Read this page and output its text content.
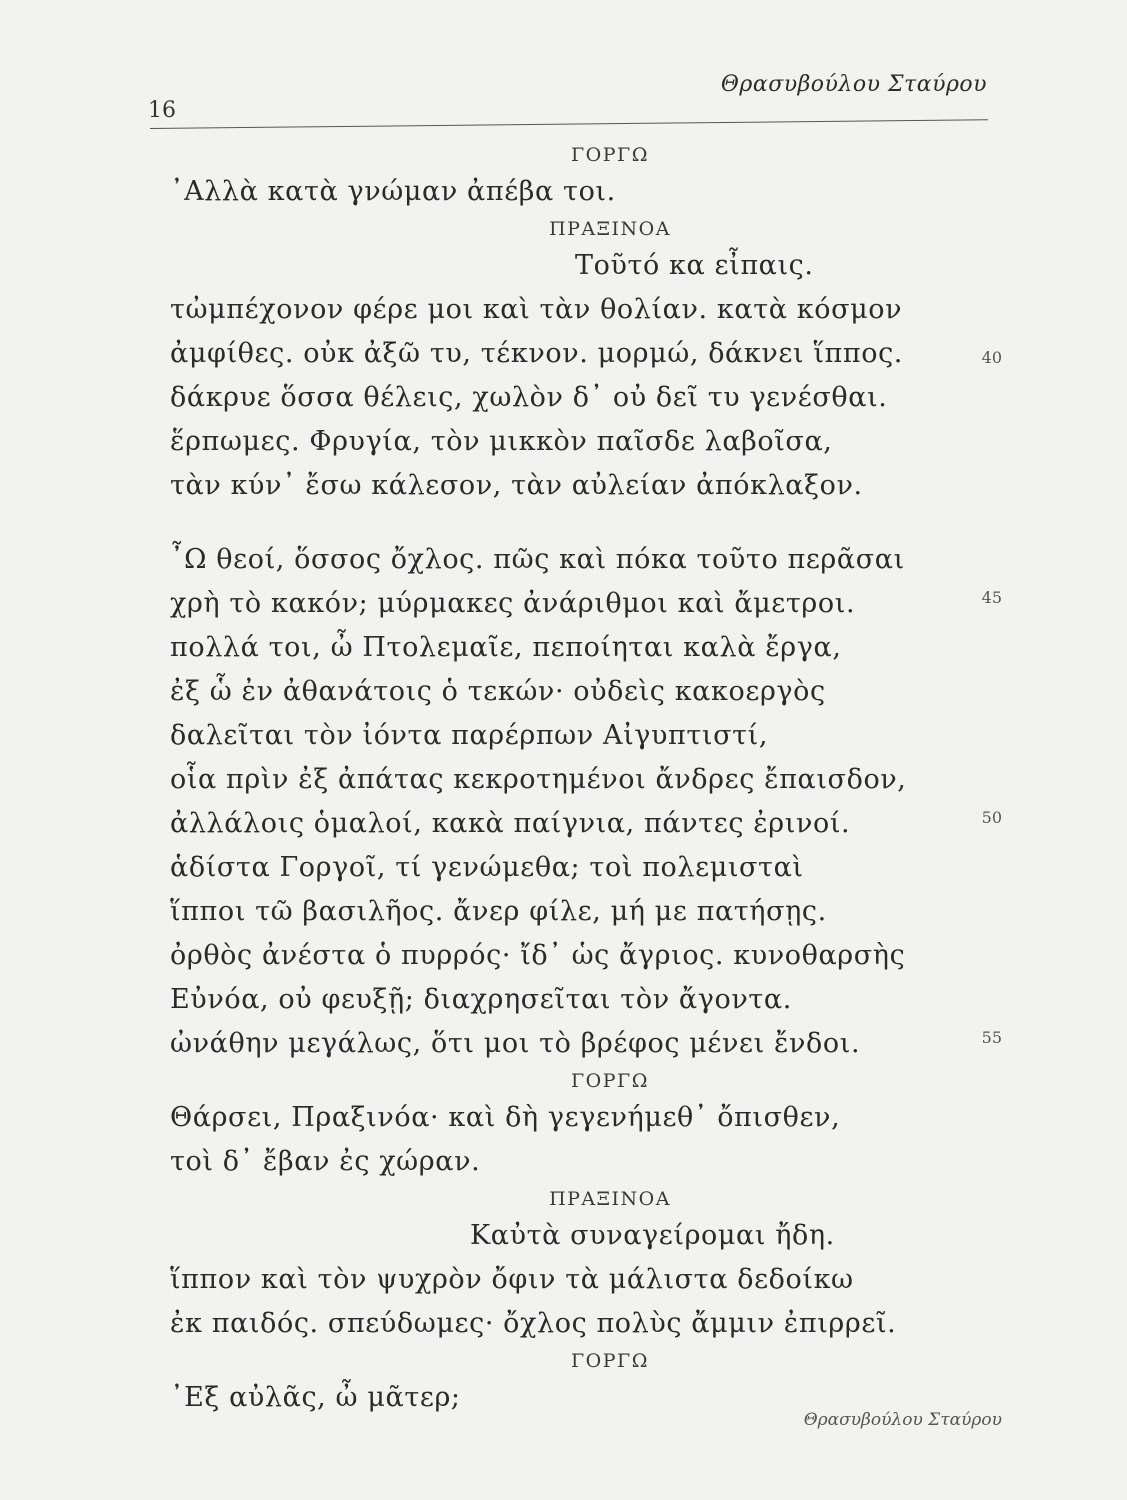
16
Θρασυβούλου Σταύρου
ΓΟΡΓΩ
᾿Αλλὰ κατὰ γνώμαν ἀπέβα τοι.
ΠΡΑΞΙΝΟΑ
Τοῦτό κα εἶπαις.
τὠμπέχονον φέρε μοι καὶ τὰν θολίαν. κατὰ κόσμον
ἀμφίθες. οὐκ ἀξῶ τυ, τέκνον. μορμώ, δάκνει ἵππος.
δάκρυε ὅσσα θέλεις, χωλὸν δ᾿ οὐ δεῖ τυ γενέσθαι.
ἕρπωμες. Φρυγία, τὸν μικκὸν παῖσδε λαβοῖσα,
τὰν κύν᾿ ἔσω κάλεσον, τὰν αὐλείαν ἀπόκλαξον.
῏Ω θεοί, ὅσσος ὄχλος. πῶς καὶ πόκα τοῦτο περᾶσαι
χρὴ τὸ κακόν; μύρμακες ἀνάριθμοι καὶ ἄμετροι.
πολλά τοι, ὦ Πτολεμαῖε, πεποίηται καλὰ ἔργα,
ἐξ ὧ ἐν ἀθανάτοις ὁ τεκών· οὐδεὶς κακοεργὸς
δαλεῖται τὸν ἰόντα παρέρπων Αἰγυπτιστί,
οἷα πρὶν ἐξ ἀπάτας κεκροτημένοι ἄνδρες ἔπαισδον,
ἀλλάλοις ὁμαλοί, κακὰ παίγνια, πάντες ἐρινοί.
ἁδίστα Γοργοῖ, τί γενώμεθα; τοὶ πολεμισταὶ
ἵπποι τῶ βασιλῆος. ἄνερ φίλε, μή με πατήσῃς.
ὀρθὸς ἀνέστα ὁ πυρρός· ἴδ᾿ ὡς ἄγριος. κυνοθαρσὴς
Εὐνόα, οὐ φευξῇ; διαχρησεῖται τὸν ἄγοντα.
ὠνάθην μεγάλως, ὅτι μοι τὸ βρέφος μένει ἔνδοι.
ΓΟΡΓΩ
Θάρσει, Πραξινόα· καὶ δὴ γεγενήμεθ᾿ ὄπισθεν,
τοὶ δ᾿ ἔβαν ἐς χώραν.
ΠΡΑΞΙΝΟΑ
Καὐτὰ συναγείρομαι ἤδη.
ἵππον καὶ τὸν ψυχρὸν ὄφιν τὰ μάλιστα δεδοίκω
ἐκ παιδός. σπεύδωμες· ὄχλος πολὺς ἄμμιν ἐπιρρεῖ.
ΓΟΡΓΩ
᾿Εξ αὐλᾶς, ὦ μᾶτερ;
40
45
50
55
Θρασυβούλου Σταύρου
